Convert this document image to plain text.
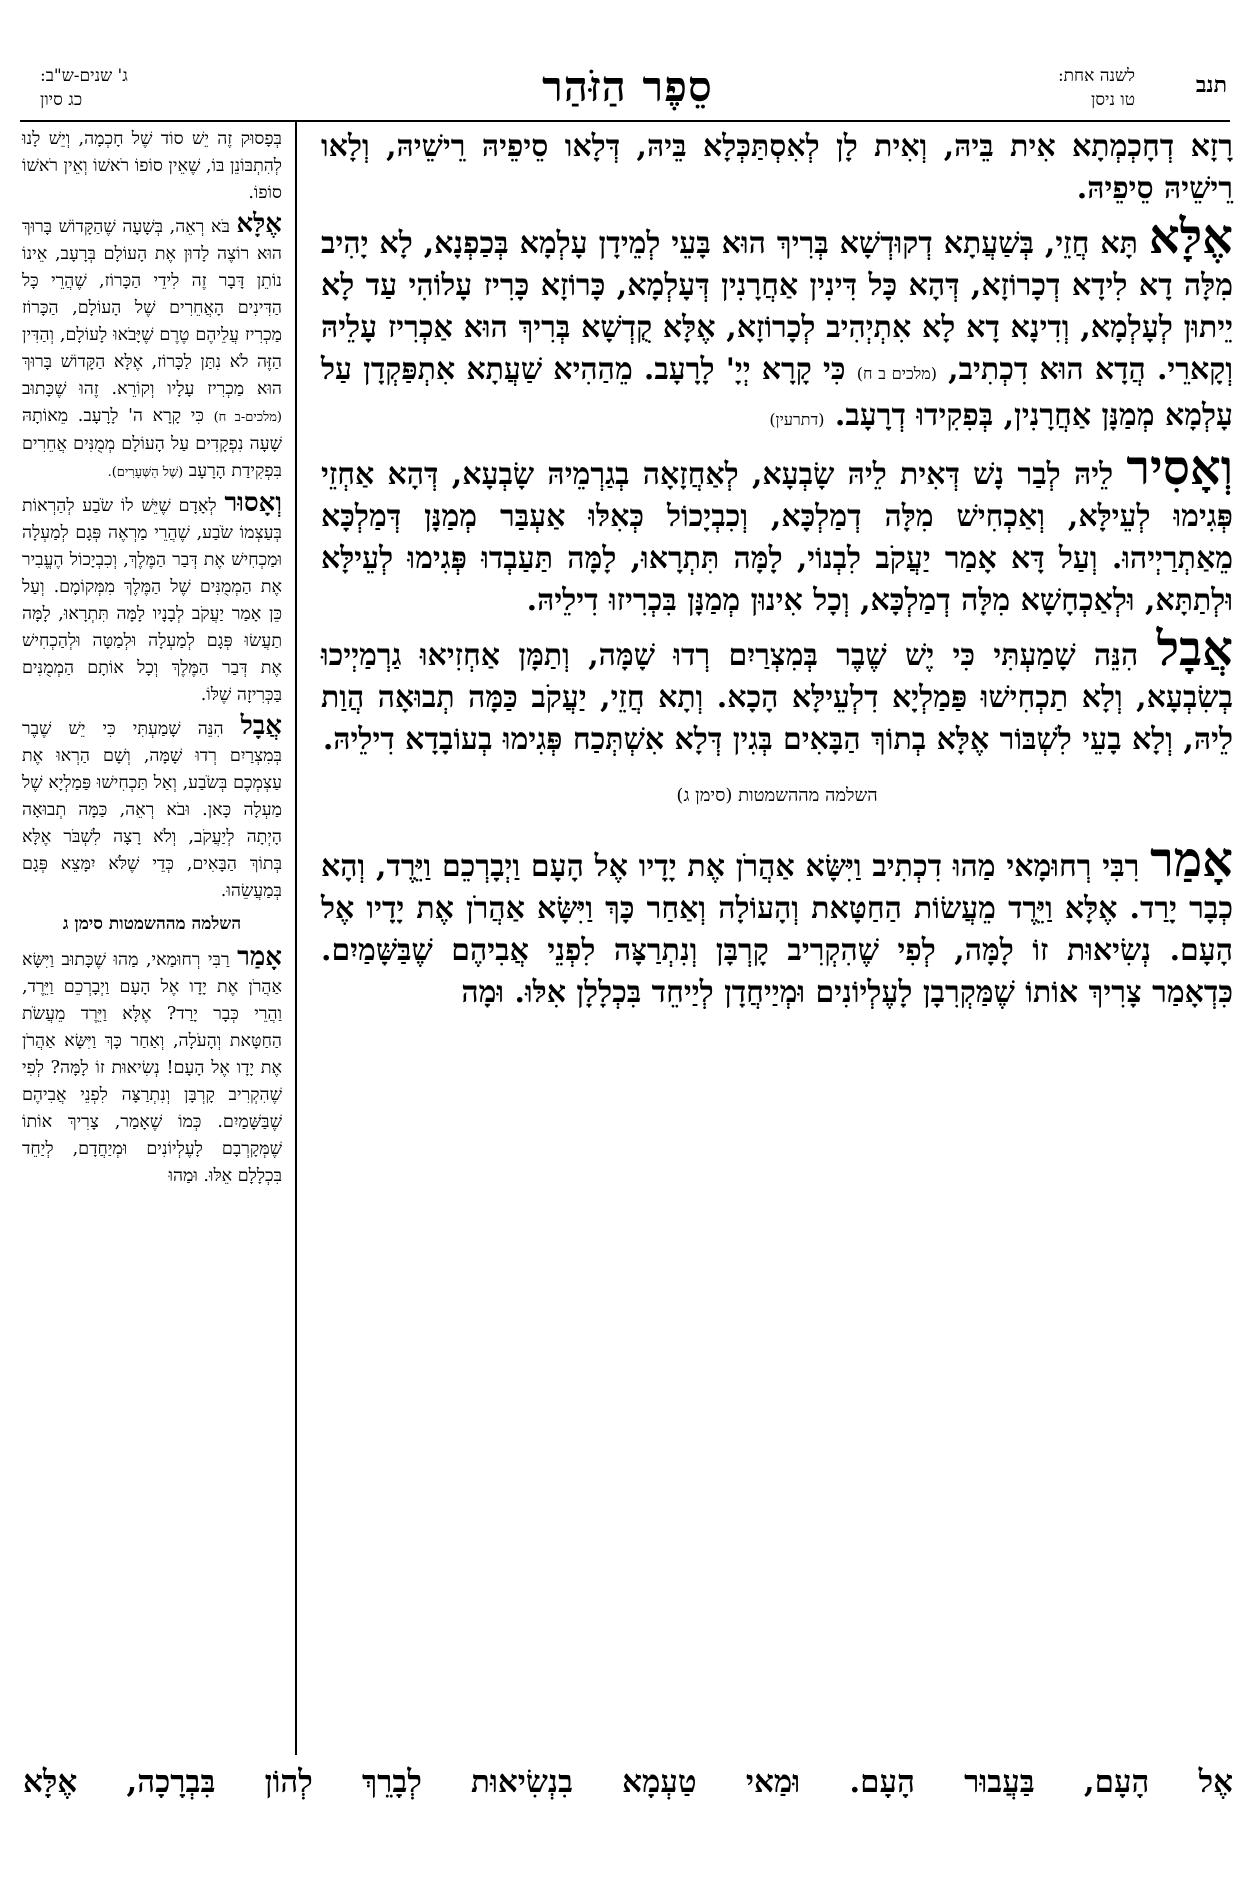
תנב
לשנה אחת:
טו ניסן
סֵפֶר הַזֹּהַר
ג' שנים-ש"ב:
כג סיון

רָזָא דְחָכְמְתָא אִית בֵּיהּ, וְאִית לָן לְאִסְתַּכְּלָא בֵּיהּ, דְּלָאו סֵיפֵיהּ רֵישֵׁיהּ, וְלָאו רֵישֵׁיהּ סֵיפֵיהּ.

אֶלָּא תָּא חֲזֵי, בְּשַׁעֲתָא דְקוּדְשָׁא בְּרִיךְ הוּא בָּעֵי לְמֵידָן עָלְמָא בְּכַפְנָא, לָא יָהִיב מִלָּה דָא לִידָא דְכָרוֹזָא, דְּהָא כָּל דִּינִין אַחֲרָנִין דְּעָלְמָא, כָּרוֹזָא כָּרִיז עָלוֹהִי עַד לָא יֵיתוּן לְעָלְמָא, וְדִינָא דָא לָא אִתְיְהִיב לְכָרוֹזָא, אֶלָּא קֻדְשָׁא בְּרִיךְ הוּא אַכְרִיז עָלֵיהּ וְקָארֵי. הֲדָא הוּא דִכְתִיב, (מלכים ב ח) כִּי קָרָא יְיָ' לָרָעָב. מֵהַהִיא שַׁעֲתָא אִתְפַּקְדָן עַל עָלְמָא מְמַנָּן אַחֲרָנִין, בְּפִקִידוּ דְרָעָב. (דתרעין)

וְאָסִיר לֵיהּ לְבַר נָשׁ דְּאִית לֵיהּ שָׂבְעָא, לְאַחֲזָאָה בְגַרְמֵיהּ שָׂבְעָא, דְּהָא אַחְזֵי פְּגִימוּ לְעֵילָּא, וְאַכְחִישׁ מִלָּה דְמַלְכָּא, וְכִבְיָכוֹל כְּאִלּוּ אַעְבַּר מְמַנָּן דְּמַלְכָּא מֵאַתְרַיְיהוּ. וְעַל דָּא אָמַר יַעֲקֹב לִבְנוֹי, לָמָּה תִּתְרָאוּ, לָמָּה תַּעַבְדוּ פְּגִימוּ לְעֵילָּא וּלְתַתָּא, וּלְאַכְחָשָׁא מִלָּה דְמַלְכָּא, וְכָל אִינוּן מְמַנָּן בִּכְרִיזוּ דִילֵיהּ.

אֲבָל הִנֵּה שָׁמַעְתִּי כִּי יֶשׁ שֶׁבֶר בְּמִצְרַיִם רְדוּ שָׁמָּה, וְתַמָּן אַחְזִיאוּ גַרְמַיְיכוּ בְשִׂבְעָא, וְלָא תַכְחִישׁוּ פַּמַלְיָא דִלְעֵילָּא הָכָא. וְתָא חֲזֵי, יַעֲקֹב כַּמָּה תְבוּאָה הֲוַת לֵיהּ, וְלָא בָעֵי לִשְׁבּוֹר אֶלָּא בְתוֹךְ הַבָּאִים בְּגִין דְּלָא אִשְׁתְּכַח פְּגִימוּ בְעוֹבָדָא דִילֵיהּ.

השלמה מההשמטות (סימן ג)

אָמַר רִבִּי רְחוּמָאי מַהוּ דִכְתִיב וַיִּשָּׂא אַהֲרֹן אֶת יָדָיו אֶל הָעָם וַיְבָרְכֵם וַיֵּרֶד, וְהָא כְבָר יָרַד. אֶלָּא וַיֵּרֶד מֵעֲשׂוֹת הַחַטָּאת וְהָעוֹלָה וְאַחַר כָּךְ וַיִּשָּׂא אַהֲרֹן אֶת יָדָיו אֶל הָעָם. נְשִׂיאוּת זוֹ לָמָּה, לְפִי שֶׁהִקְרִיב קָרְבָּן וְנִתְרַצָּה לִפְנֵי אֲבִיהֶם שֶׁבַּשָּׁמַיִם. כִּדְאָמַר צָרִיךְ אוֹתוֹ שֶׁמַּקְרִבָן לָעֶלְיוֹנִים וּמְיַיחֲדָן לְיַיחֵד בִּכְלָלָן אִלּוּ. וּמָה

בְּפָסוּק זֶה יֵשׁ סוֹד שֶׁל חָכְמָה, וְיֵשׁ לָנוּ לְהִתְבּוֹנֵן בּוֹ, שֶׁאֵין סוֹפוֹ רֹאשׁוֹ וְאֵין רֹאשׁוֹ סוֹפוֹ.

אֶלָּא בֹּא רְאֵה, בְּשָׁעָה שֶׁהַקָּדוֹשׁ בָּרוּךְ הוּא רוֹצֶה לָדוּן אֶת הָעוֹלָם בְּרָעָב, אֵינוֹ נוֹתֵן דָּבָר זֶה לִידֵי הַכָּרוֹז, שֶׁהֲרֵי כָּל הַדִּינִים הָאֲחֵרִים שֶׁל הָעוֹלָם, הַכָּרוֹז מַכְרִיז עֲלֵיהֶם טֶרֶם שֶׁיָּבֹאוּ לָעוֹלָם, וְהַדִּין הַזֶּה לֹא נִתַּן לַכָּרוֹז, אֶלָּא הַקָּדוֹשׁ בָּרוּךְ הוּא מַכְרִיז עָלָיו וְקוֹרֵא. זֶהוּ שֶׁכָּתוּב (מלכים-ב ח) כִּי קָרָא ה' לָרָעָב. מֵאוֹתָהּ שָׁעָה נִפְקָדִים עַל הָעוֹלָם מְמֻנִּים אֲחֵרִים בִּפְקִידַת הָרָעָב (שֶׁל הַשְּׁעָרִים).

וְאָסוּר לְאָדָם שֶׁיֵּשׁ לוֹ שֹׂבַע לְהַרְאוֹת בְּעַצְמוֹ שֹׂבַע, שֶׁהֲרֵי מַרְאֶה פְּגָם לְמַעְלָה וּמַכְחִישׁ אֶת דְּבַר הַמֶּלֶךְ, וְכִבְיָכוֹל הֶעֱבִיר אֶת הַמְמֻנִּים שֶׁל הַמֶּלֶךְ מִמְּקוֹמָם. וְעַל כֵּן אָמַר יַעֲקֹב לְבָנָיו לָמָּה תִּתְרָאוּ, לָמָּה תַעֲשׂוּ פְּגָם לְמַעְלָה וּלְמַטָּה וּלְהַכְחִישׁ אֶת דְּבַר הַמֶּלֶךְ וְכָל אוֹתָם הַמְמֻנִּים בַּכְּרִיזָה שֶׁלּוֹ.

אֲבָל הִנֵּה שָׁמַעְתִּי כִּי יֵשׁ שֶׁבֶר בְּמִצְרַיִם רְדוּ שָׁמָּה, וְשָׁם הַרְאוּ אֶת עַצְמְכֶם בְּשֹׂבַע, וְאַל תַּכְחִישׁוּ פַּמַלְיָא שֶׁל מַעְלָה כָּאן. וּבֹא רְאֵה, כַּמָּה תְבוּאָה הָיְתָה לְיַעֲקֹב, וְלֹא רָצָה לִשְׁבֹּר אֶלָּא בְּתוֹךְ הַבָּאִים, כְּדֵי שֶׁלֹּא יִמָּצֵא פְּגָם בְּמַעֲשֵׂהוּ.

השלמה מההשמטות סימן ג

אָמַר רַבִּי רְחוּמַאי, מַהוּ שֶׁכָּתוּב וַיִּשָּׂא אַהֲרֹן אֶת יָדָו אֶל הָעָם וַיְבָרְכֵם וַיֵּרֶד, וַהֲרֵי כְּבָר יָרַד? אֶלָּא וַיֵּרֶד מֵעֲשֹׂת הַחַטָּאת וְהָעֹלָה, וְאַחַר כָּךְ וַיִּשָּׂא אַהֲרֹן אֶת יָדָו אֶל הָעָם! נְשִׂיאוּת זוֹ לָמָּה? לְפִי שֶׁהִקְרִיב קָרְבָּן וְנִתְרַצָּה לִפְנֵי אֲבִיהֶם שֶׁבַּשָּׁמַיִם. כְּמוֹ שֶׁאָמַר, צָרִיךְ אוֹתוֹ שֶׁמְּקָרְבָם לָעֶלְיוֹנִים וּמְיַחֲדָם, לְיַחֵד בִּכְלָלָם אֵלּוּ. וּמַהוּ

אֶל הָעָם, בַּעֲבוּר הָעָם. וּמַאי טַעְמָא בִנְשִׂיאוּת לְבָרֵךְ לְהוֹן בִּבְרָכָה, אֶלָּא
